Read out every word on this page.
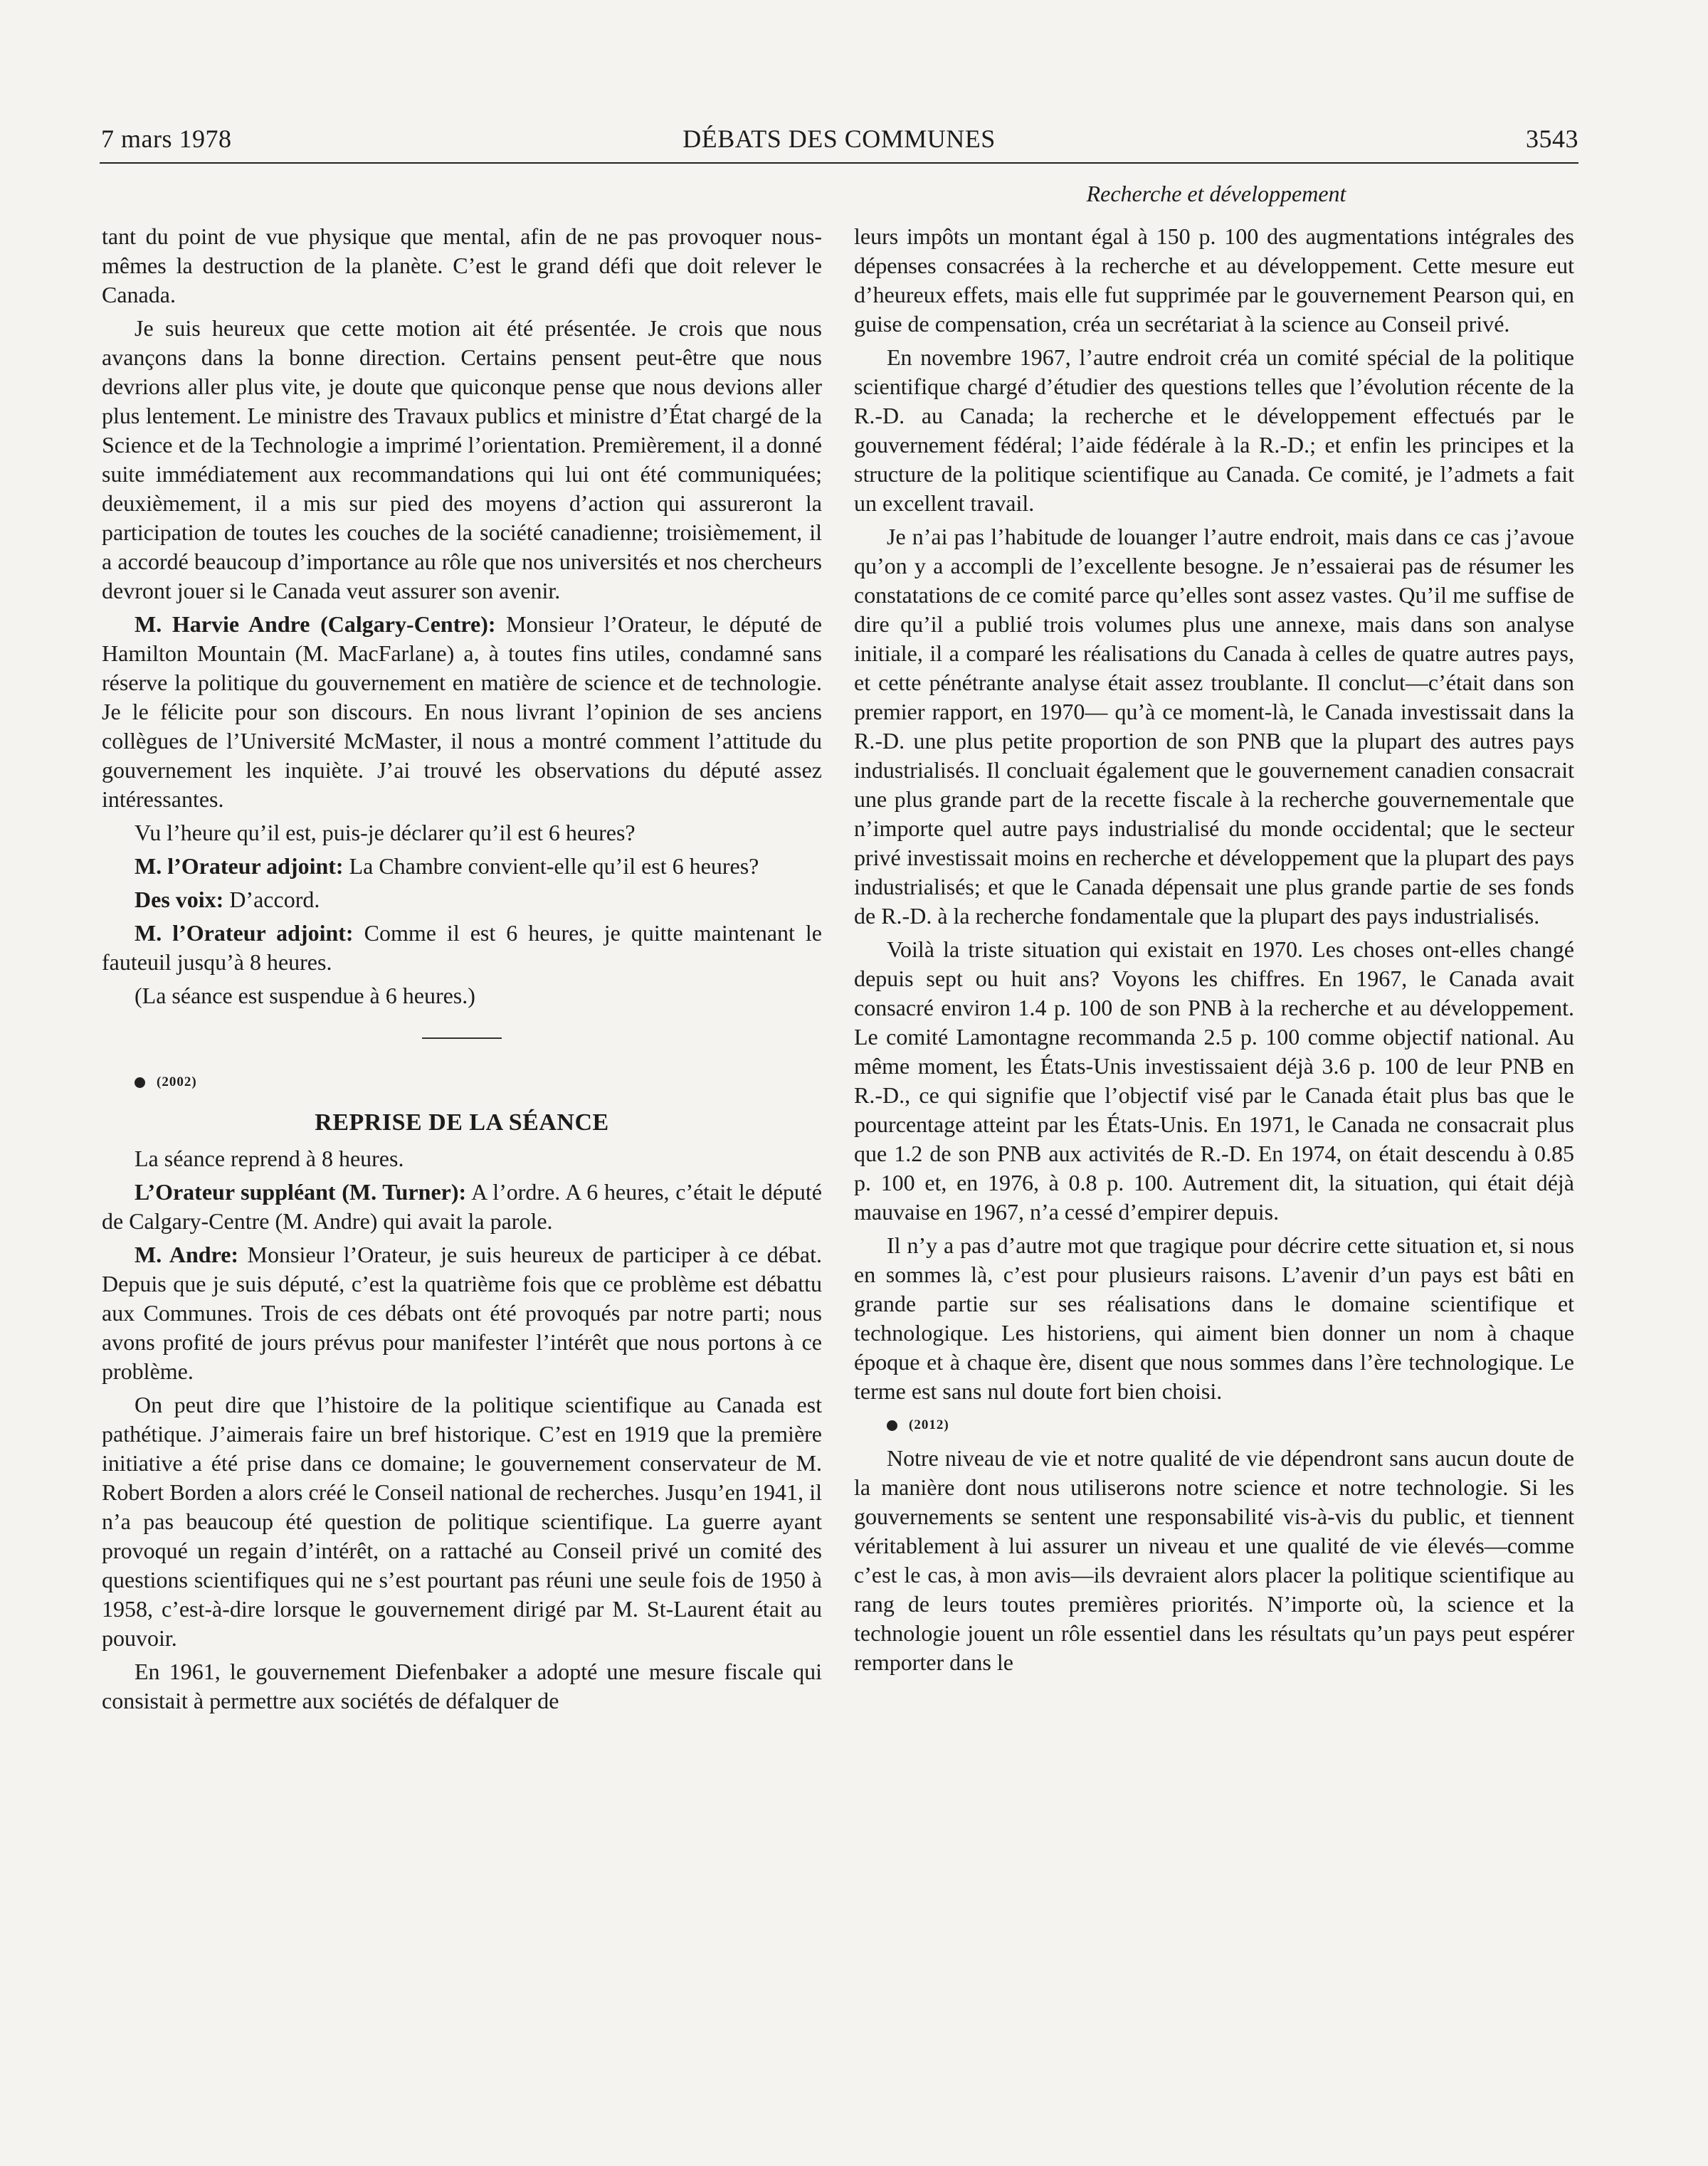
7 mars 1978	DÉBATS DES COMMUNES	3543
Recherche et développement

tant du point de vue physique que mental, afin de ne pas provoquer nous-mêmes la destruction de la planète. C’est le grand défi que doit relever le Canada.

Je suis heureux que cette motion ait été présentée. Je crois que nous avançons dans la bonne direction. Certains pensent peut-être que nous devrions aller plus vite, je doute que quiconque pense que nous devions aller plus lentement. Le ministre des Travaux publics et ministre d’État chargé de la Science et de la Technologie a imprimé l’orientation. Premièrement, il a donné suite immédiatement aux recommandations qui lui ont été communiquées; deuxièmement, il a mis sur pied des moyens d’action qui assureront la participation de toutes les couches de la société canadienne; troisièmement, il a accordé beaucoup d’importance au rôle que nos universités et nos chercheurs devront jouer si le Canada veut assurer son avenir.

M. Harvie Andre (Calgary-Centre): Monsieur l’Orateur, le député de Hamilton Mountain (M. MacFarlane) a, à toutes fins utiles, condamné sans réserve la politique du gouvernement en matière de science et de technologie. Je le félicite pour son discours. En nous livrant l’opinion de ses anciens collègues de l’Université McMaster, il nous a montré comment l’attitude du gouvernement les inquiète. J’ai trouvé les observations du député assez intéressantes.

Vu l’heure qu’il est, puis-je déclarer qu’il est 6 heures?

M. l’Orateur adjoint: La Chambre convient-elle qu’il est 6 heures?

Des voix: D’accord.

M. l’Orateur adjoint: Comme il est 6 heures, je quitte maintenant le fauteuil jusqu’à 8 heures.

(La séance est suspendue à 6 heures.)

(2002)

REPRISE DE LA SÉANCE

La séance reprend à 8 heures.

L’Orateur suppléant (M. Turner): A l’ordre. A 6 heures, c’était le député de Calgary-Centre (M. Andre) qui avait la parole.

M. Andre: Monsieur l’Orateur, je suis heureux de participer à ce débat. Depuis que je suis député, c’est la quatrième fois que ce problème est débattu aux Communes. Trois de ces débats ont été provoqués par notre parti; nous avons profité de jours prévus pour manifester l’intérêt que nous portons à ce problème.

On peut dire que l’histoire de la politique scientifique au Canada est pathétique. J’aimerais faire un bref historique. C’est en 1919 que la première initiative a été prise dans ce domaine; le gouvernement conservateur de M. Robert Borden a alors créé le Conseil national de recherches. Jusqu’en 1941, il n’a pas beaucoup été question de politique scientifique. La guerre ayant provoqué un regain d’intérêt, on a rattaché au Conseil privé un comité des questions scientifiques qui ne s’est pourtant pas réuni une seule fois de 1950 à 1958, c’est-à-dire lorsque le gouvernement dirigé par M. St-Laurent était au pouvoir.

En 1961, le gouvernement Diefenbaker a adopté une mesure fiscale qui consistait à permettre aux sociétés de défalquer de

leurs impôts un montant égal à 150 p. 100 des augmentations intégrales des dépenses consacrées à la recherche et au développement. Cette mesure eut d’heureux effets, mais elle fut supprimée par le gouvernement Pearson qui, en guise de compensation, créa un secrétariat à la science au Conseil privé.

En novembre 1967, l’autre endroit créa un comité spécial de la politique scientifique chargé d’étudier des questions telles que l’évolution récente de la R.-D. au Canada; la recherche et le développement effectués par le gouvernement fédéral; l’aide fédérale à la R.-D.; et enfin les principes et la structure de la politique scientifique au Canada. Ce comité, je l’admets a fait un excellent travail.

Je n’ai pas l’habitude de louanger l’autre endroit, mais dans ce cas j’avoue qu’on y a accompli de l’excellente besogne. Je n’essaierai pas de résumer les constatations de ce comité parce qu’elles sont assez vastes. Qu’il me suffise de dire qu’il a publié trois volumes plus une annexe, mais dans son analyse initiale, il a comparé les réalisations du Canada à celles de quatre autres pays, et cette pénétrante analyse était assez troublante. Il conclut—c’était dans son premier rapport, en 1970— qu’à ce moment-là, le Canada investissait dans la R.-D. une plus petite proportion de son PNB que la plupart des autres pays industrialisés. Il concluait également que le gouvernement canadien consacrait une plus grande part de la recette fiscale à la recherche gouvernementale que n’importe quel autre pays industrialisé du monde occidental; que le secteur privé investissait moins en recherche et développement que la plupart des pays industrialisés; et que le Canada dépensait une plus grande partie de ses fonds de R.-D. à la recherche fondamentale que la plupart des pays industrialisés.

Voilà la triste situation qui existait en 1970. Les choses ont-elles changé depuis sept ou huit ans? Voyons les chiffres. En 1967, le Canada avait consacré environ 1.4 p. 100 de son PNB à la recherche et au développement. Le comité Lamontagne recommanda 2.5 p. 100 comme objectif national. Au même moment, les États-Unis investissaient déjà 3.6 p. 100 de leur PNB en R.-D., ce qui signifie que l’objectif visé par le Canada était plus bas que le pourcentage atteint par les États-Unis. En 1971, le Canada ne consacrait plus que 1.2 de son PNB aux activités de R.-D. En 1974, on était descendu à 0.85 p. 100 et, en 1976, à 0.8 p. 100. Autrement dit, la situation, qui était déjà mauvaise en 1967, n’a cessé d’empirer depuis.

Il n’y a pas d’autre mot que tragique pour décrire cette situation et, si nous en sommes là, c’est pour plusieurs raisons. L’avenir d’un pays est bâti en grande partie sur ses réalisations dans le domaine scientifique et technologique. Les historiens, qui aiment bien donner un nom à chaque époque et à chaque ère, disent que nous sommes dans l’ère technologique. Le terme est sans nul doute fort bien choisi.

(2012)

Notre niveau de vie et notre qualité de vie dépendront sans aucun doute de la manière dont nous utiliserons notre science et notre technologie. Si les gouvernements se sentent une responsabilité vis-à-vis du public, et tiennent véritablement à lui assurer un niveau et une qualité de vie élevés—comme c’est le cas, à mon avis—ils devraient alors placer la politique scientifique au rang de leurs toutes premières priorités. N’importe où, la science et la technologie jouent un rôle essentiel dans les résultats qu’un pays peut espérer remporter dans le
